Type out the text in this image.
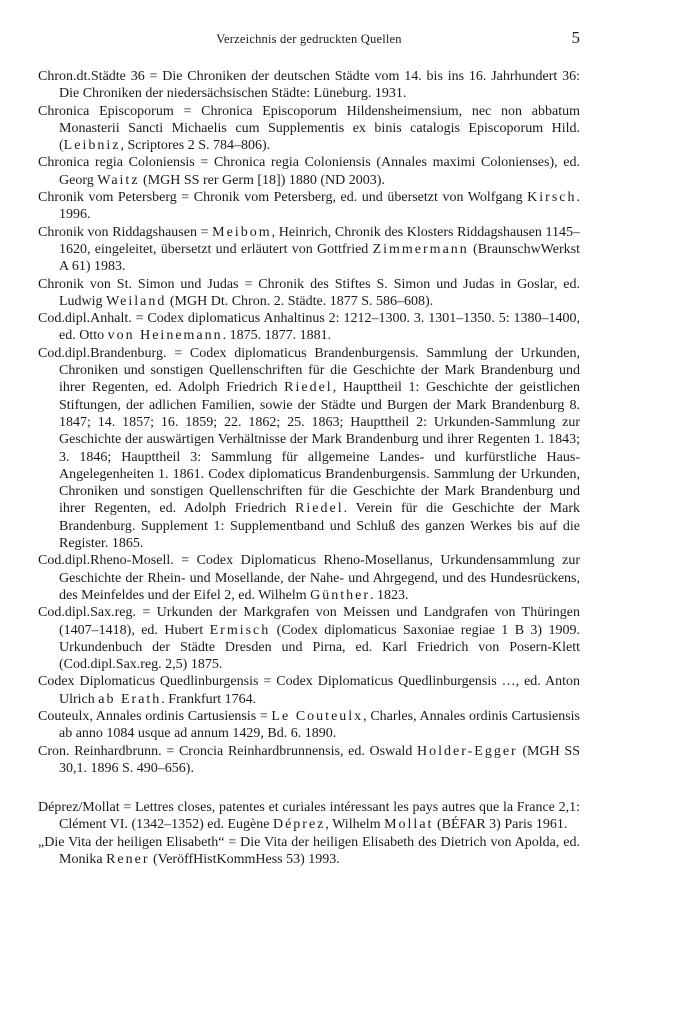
Verzeichnis der gedruckten Quellen	5

Chron.dt.Städte 36 = Die Chroniken der deutschen Städte vom 14. bis ins 16. Jahrhundert 36: Die Chroniken der niedersächsischen Städte: Lüneburg. 1931.

Chronica Episcoporum = Chronica Episcoporum Hildensheimensium, nec non abbatum Monasterii Sancti Michaelis cum Supplementis ex binis catalogis Episcoporum Hild. (Leibniz, Scriptores 2 S. 784–806).

Chronica regia Coloniensis = Chronica regia Coloniensis (Annales maximi Colonienses), ed. Georg Waitz (MGH SS rer Germ [18]) 1880 (ND 2003).

Chronik vom Petersberg = Chronik vom Petersberg, ed. und übersetzt von Wolfgang Kirsch. 1996.

Chronik von Riddagshausen = Meibom, Heinrich, Chronik des Klosters Riddagshausen 1145–1620, eingeleitet, übersetzt und erläutert von Gottfried Zimmermann (BraunschwWerkst A 61) 1983.

Chronik von St. Simon und Judas = Chronik des Stiftes S. Simon und Judas in Goslar, ed. Ludwig Weiland (MGH Dt. Chron. 2. Städte. 1877 S. 586–608).

Cod.dipl.Anhalt. = Codex diplomaticus Anhaltinus 2: 1212–1300. 3. 1301–1350. 5: 1380–1400, ed. Otto von Heinemann. 1875. 1877. 1881.

Cod.dipl.Brandenburg. = Codex diplomaticus Brandenburgensis. Sammlung der Urkunden, Chroniken und sonstigen Quellenschriften für die Geschichte der Mark Brandenburg und ihrer Regenten, ed. Adolph Friedrich Riedel, Haupttheil 1: Geschichte der geistlichen Stiftungen, der adlichen Familien, sowie der Städte und Burgen der Mark Brandenburg 8. 1847; 14. 1857; 16. 1859; 22. 1862; 25. 1863; Haupttheil 2: Urkunden-Sammlung zur Geschichte der auswärtigen Verhältnisse der Mark Brandenburg und ihrer Regenten 1. 1843; 3. 1846; Haupttheil 3: Sammlung für allgemeine Landes- und kurfürstliche Haus-Angelegenheiten 1. 1861. Codex diplomaticus Brandenburgensis. Sammlung der Urkunden, Chroniken und sonstigen Quellenschriften für die Geschichte der Mark Brandenburg und ihrer Regenten, ed. Adolph Friedrich Riedel. Verein für die Geschichte der Mark Brandenburg. Supplement 1: Supplementband und Schluß des ganzen Werkes bis auf die Register. 1865.

Cod.dipl.Rheno-Mosell. = Codex Diplomaticus Rheno-Mosellanus, Urkundensammlung zur Geschichte der Rhein- und Mosellande, der Nahe- und Ahrgegend, und des Hundesrückens, des Meinfeldes und der Eifel 2, ed. Wilhelm Günther. 1823.

Cod.dipl.Sax.reg. = Urkunden der Markgrafen von Meissen und Landgrafen von Thüringen (1407–1418), ed. Hubert Ermisch (Codex diplomaticus Saxoniae regiae 1 B 3) 1909. Urkundenbuch der Städte Dresden und Pirna, ed. Karl Friedrich von Posern-Klett (Cod.dipl.Sax.reg. 2,5) 1875.

Codex Diplomaticus Quedlinburgensis = Codex Diplomaticus Quedlinburgensis …, ed. Anton Ulrich ab Erath. Frankfurt 1764.

Couteulx, Annales ordinis Cartusiensis = Le Couteulx, Charles, Annales ordinis Cartusiensis ab anno 1084 usque ad annum 1429, Bd. 6. 1890.

Cron. Reinhardbrunn. = Croncia Reinhardbrunnensis, ed. Oswald Holder-Egger (MGH SS 30,1. 1896 S. 490–656).

Déprez/Mollat = Lettres closes, patentes et curiales intéressant les pays autres que la France 2,1: Clément VI. (1342–1352) ed. Eugène Déprez, Wilhelm Mollat (BÉFAR 3) Paris 1961.

„Die Vita der heiligen Elisabeth“ = Die Vita der heiligen Elisabeth des Dietrich von Apolda, ed. Monika Rener (VeröffHistKommHess 53) 1993.
